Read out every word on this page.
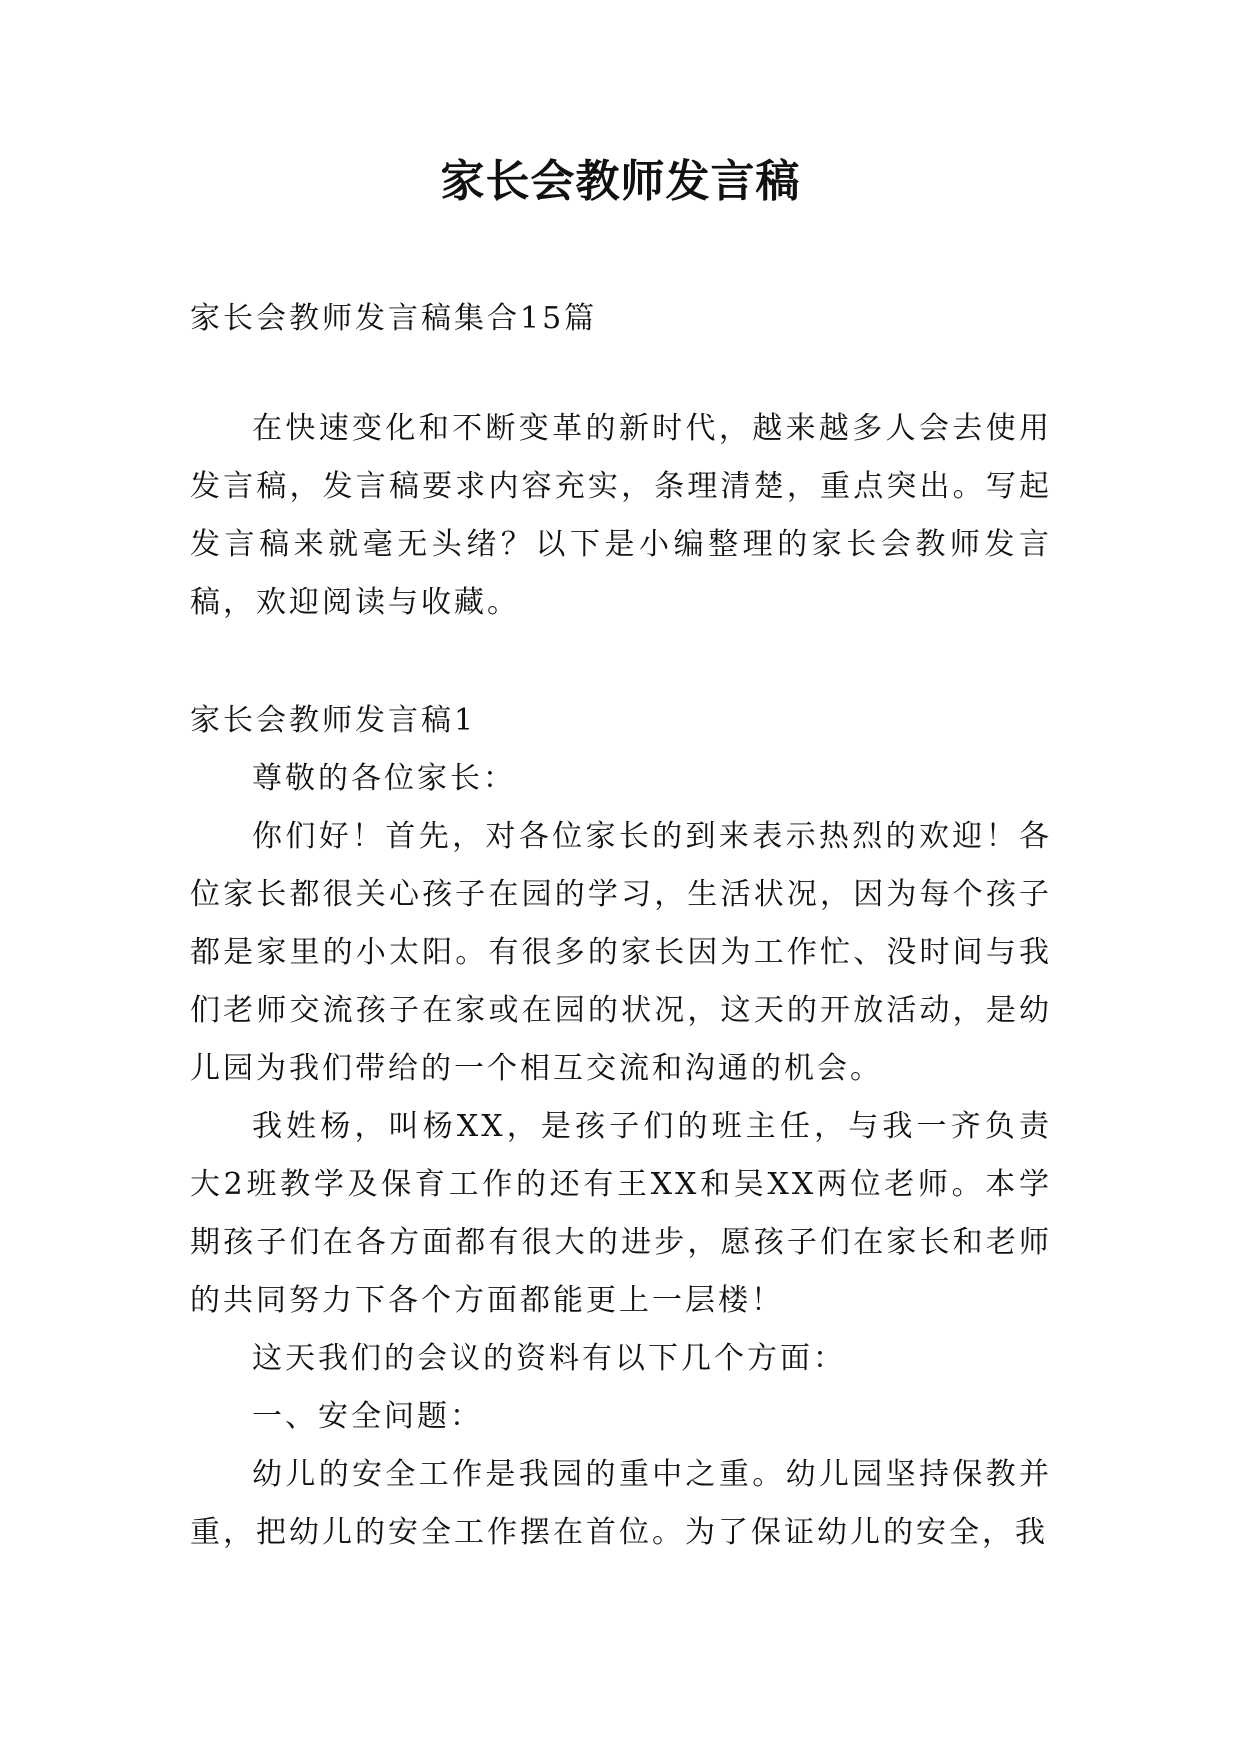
家长会教师发言稿
家长会教师发言稿集合15篇
在快速变化和不断变革的新时代，越来越多人会去使用发言稿，发言稿要求内容充实，条理清楚，重点突出。写起发言稿来就毫无头绪？以下是小编整理的家长会教师发言稿，欢迎阅读与收藏。
家长会教师发言稿1
尊敬的各位家长：
你们好！首先，对各位家长的到来表示热烈的欢迎！各位家长都很关心孩子在园的学习，生活状况，因为每个孩子都是家里的小太阳。有很多的家长因为工作忙、没时间与我们老师交流孩子在家或在园的状况，这天的开放活动，是幼儿园为我们带给的一个相互交流和沟通的机会。
我姓杨，叫杨XX，是孩子们的班主任，与我一齐负责大2班教学及保育工作的还有王XX和吴XX两位老师。本学期孩子们在各方面都有很大的进步，愿孩子们在家长和老师的共同努力下各个方面都能更上一层楼！
这天我们的会议的资料有以下几个方面：
一、安全问题：
幼儿的安全工作是我园的重中之重。幼儿园坚持保教并重，把幼儿的安全工作摆在首位。为了保证幼儿的安全，我
